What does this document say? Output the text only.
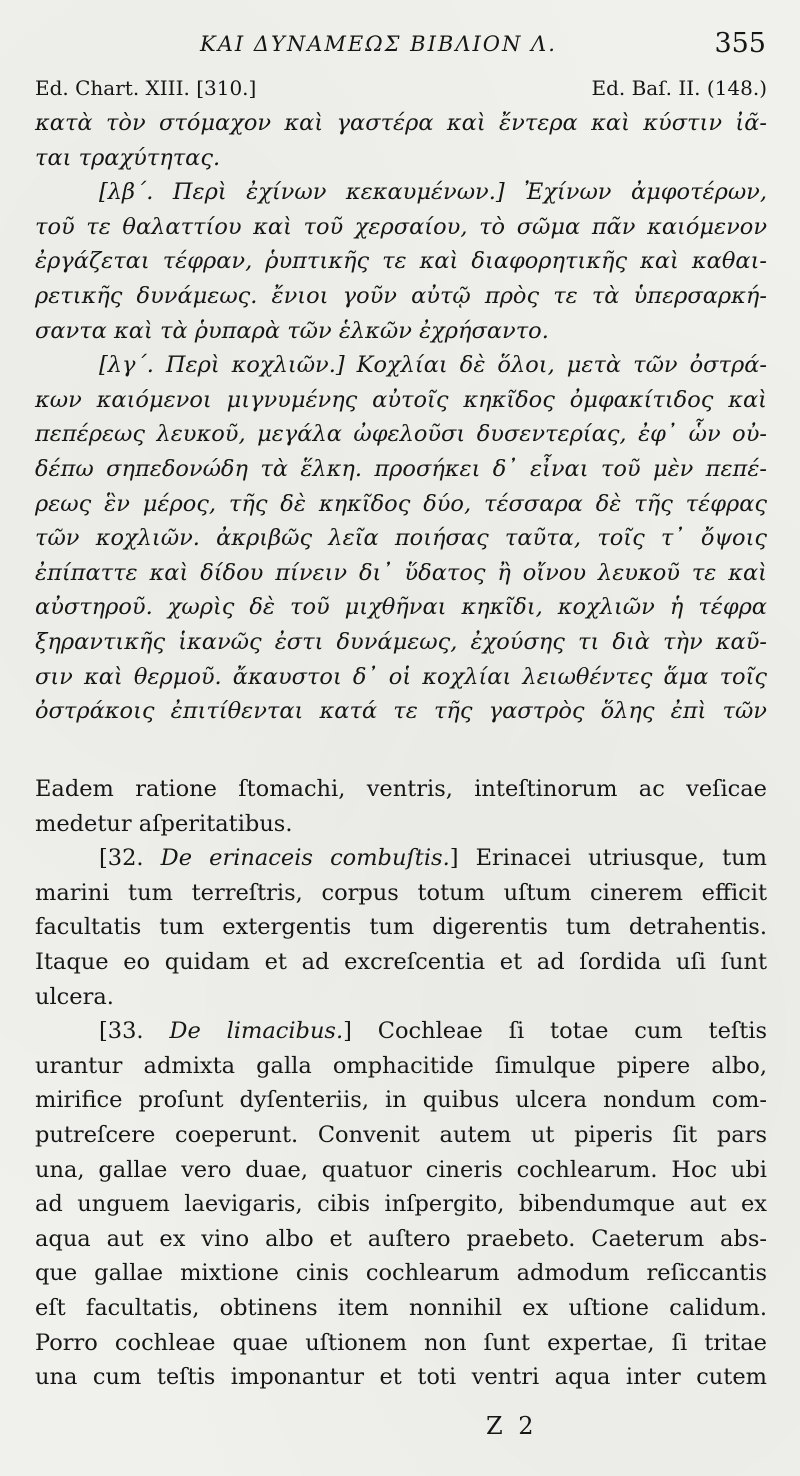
ΚΑΙ ΔΥΝΑΜΕΩΣ ΒΙΒΛΙΟΝ Λ.	355
Ed. Chart. XIII. [310.]	Ed. Baſ. II. (148.)
κατὰ τὸν στόμαχον καὶ γαστέρα καὶ ἔντερα καὶ κύστιν ἰᾶ-
ται τραχύτητας.
[λβ΄. Περὶ ἐχίνων κεκαυμένων.] Ἐχίνων ἀμφοτέρων,
τοῦ τε θαλαττίου καὶ τοῦ χερσαίου, τὸ σῶμα πᾶν καιόμενον
ἐργάζεται τέφραν, ῥυπτικῆς τε καὶ διαφορητικῆς καὶ καθαι-
ρετικῆς δυνάμεως. ἔνιοι γοῦν αὐτῷ πρὸς τε τὰ ὑπερσαρκή-
σαντα καὶ τὰ ῥυπαρὰ τῶν ἑλκῶν ἐχρήσαντο.
[λγ΄. Περὶ κοχλιῶν.] Κοχλίαι δὲ ὅλοι, μετὰ τῶν ὀστρά-
κων καιόμενοι μιγνυμένης αὐτοῖς κηκῖδος ὀμφακίτιδος καὶ
πεπέρεως λευκοῦ, μεγάλα ὠφελοῦσι δυσεντερίας, ἐφ᾿ ὧν οὐ-
δέπω σηπεδονώδη τὰ ἕλκη. προσήκει δ᾿ εἶναι τοῦ μὲν πεπέ-
ρεως ἓν μέρος, τῆς δὲ κηκῖδος δύο, τέσσαρα δὲ τῆς τέφρας
τῶν κοχλιῶν. ἀκριβῶς λεῖα ποιήσας ταῦτα, τοῖς τ᾿ ὄψοις
ἐπίπαττε καὶ δίδου πίνειν δι᾿ ὕδατος ἢ οἴνου λευκοῦ τε καὶ
αὐστηροῦ. χωρὶς δὲ τοῦ μιχθῆναι κηκῖδι, κοχλιῶν ἡ τέφρα
ξηραντικῆς ἱκανῶς ἐστι δυνάμεως, ἐχούσης τι διὰ τὴν καῦ-
σιν καὶ θερμοῦ. ἄκαυστοι δ᾿ οἱ κοχλίαι λειωθέντες ἅμα τοῖς
ὀστράκοις ἐπιτίθενται κατά τε τῆς γαστρὸς ὅλης ἐπὶ τῶν
Eadem ratione ſtomachi, ventris, inteſtinorum ac veſicae
medetur aſperitatibus.
[32. De erinaceis combuſtis.] Erinacei utriusque, tum
marini tum terreſtris, corpus totum uſtum cinerem efficit
facultatis tum extergentis tum digerentis tum detrahentis.
Itaque eo quidam et ad excreſcentia et ad ſordida uſi ſunt
ulcera.
[33. De limacibus.] Cochleae ſi totae cum teſtis
urantur admixta galla omphacitide ſimulque pipere albo,
mirifice proſunt dyſenteriis, in quibus ulcera nondum com-
putreſcere coeperunt. Convenit autem ut piperis ſit pars
una, gallae vero duae, quatuor cineris cochlearum. Hoc ubi
ad unguem laevigaris, cibis inſpergito, bibendumque aut ex
aqua aut ex vino albo et auſtero praebeto. Caeterum abs-
que gallae mixtione cinis cochlearum admodum reſiccantis
eſt facultatis, obtinens item nonnihil ex uſtione calidum.
Porro cochleae quae uſtionem non ſunt expertae, ſi tritae
una cum teſtis imponantur et toti ventri aqua inter cutem
Z 2
